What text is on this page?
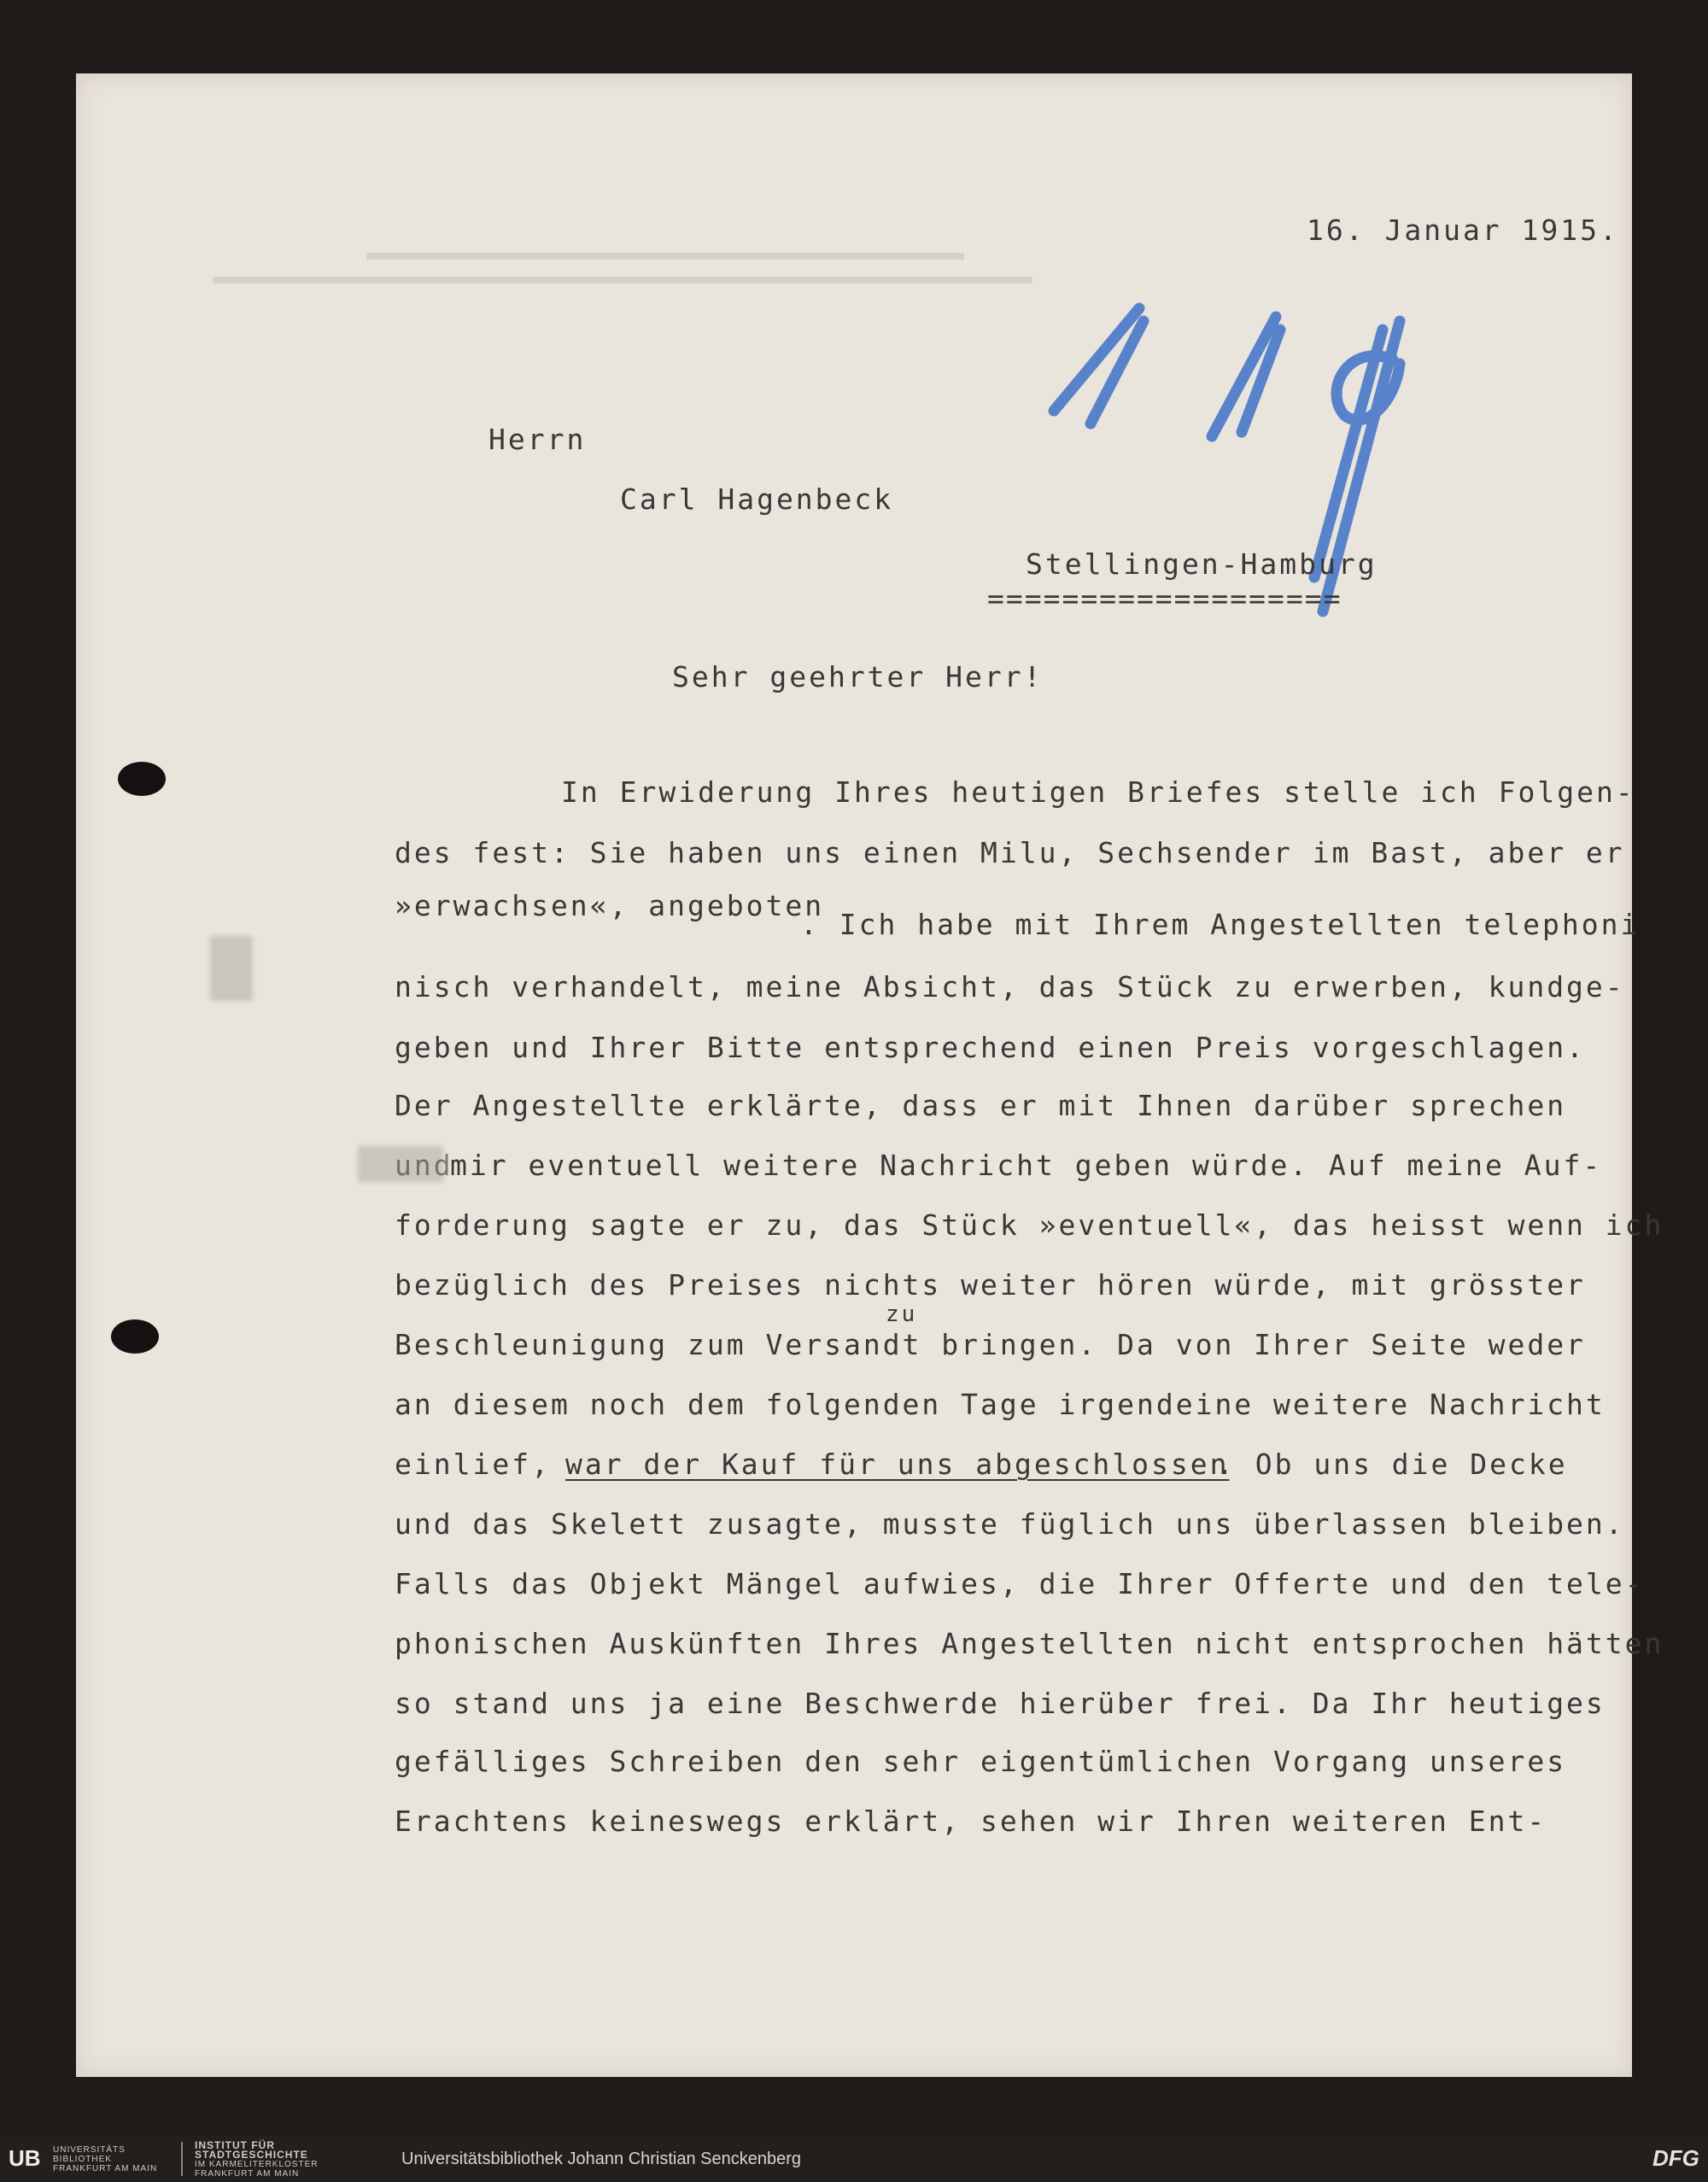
16. Januar 1915.
Herrn
Carl Hagenbeck
Stellingen-Hamburg
===================
Sehr geehrter Herr!
In Erwiderung Ihres heutigen Briefes stelle ich Folgen-
des fest: Sie haben uns einen Milu, Sechsender im Bast, aber er
»erwachsen«, angeboten
. Ich habe mit Ihrem Angestellten telephoni
nisch verhandelt, meine Absicht, das Stück zu erwerben, kundge-
geben und Ihrer Bitte entsprechend einen Preis vorgeschlagen.
Der Angestellte erklärte, dass er mit Ihnen darüber sprechen
und
mir eventuell weitere Nachricht geben würde. Auf meine Auf-
forderung sagte er zu, das Stück »eventuell«, das heisst wenn ich
bezüglich des Preises nichts weiter hören würde, mit grösster
zu
Beschleunigung zum Versandt bringen. Da von Ihrer Seite weder
an diesem noch dem folgenden Tage irgendeine weitere Nachricht
einlief, war der Kauf für uns abgeschlossen
. Ob uns die Decke
und das Skelett zusagte, musste füglich uns überlassen bleiben.
Falls das Objekt Mängel aufwies, die Ihrer Offerte und den tele-
phonischen Auskünften Ihres Angestellten nicht entsprochen hätten
so stand uns ja eine Beschwerde hierüber frei. Da Ihr heutiges
gefälliges Schreiben den sehr eigentümlichen Vorgang unseres
Erachtens keineswegs erklärt, sehen wir Ihren weiteren Ent-
UB UNIVERSITÄTS
BIBLIOTHEK
FRANKFURT AM MAIN
INSTITUT FÜR
STADTGESCHICHTE
IM KARMELITERKLOSTER
FRANKFURT AM MAIN
Universitätsbibliothek Johann Christian Senckenberg	DFG
